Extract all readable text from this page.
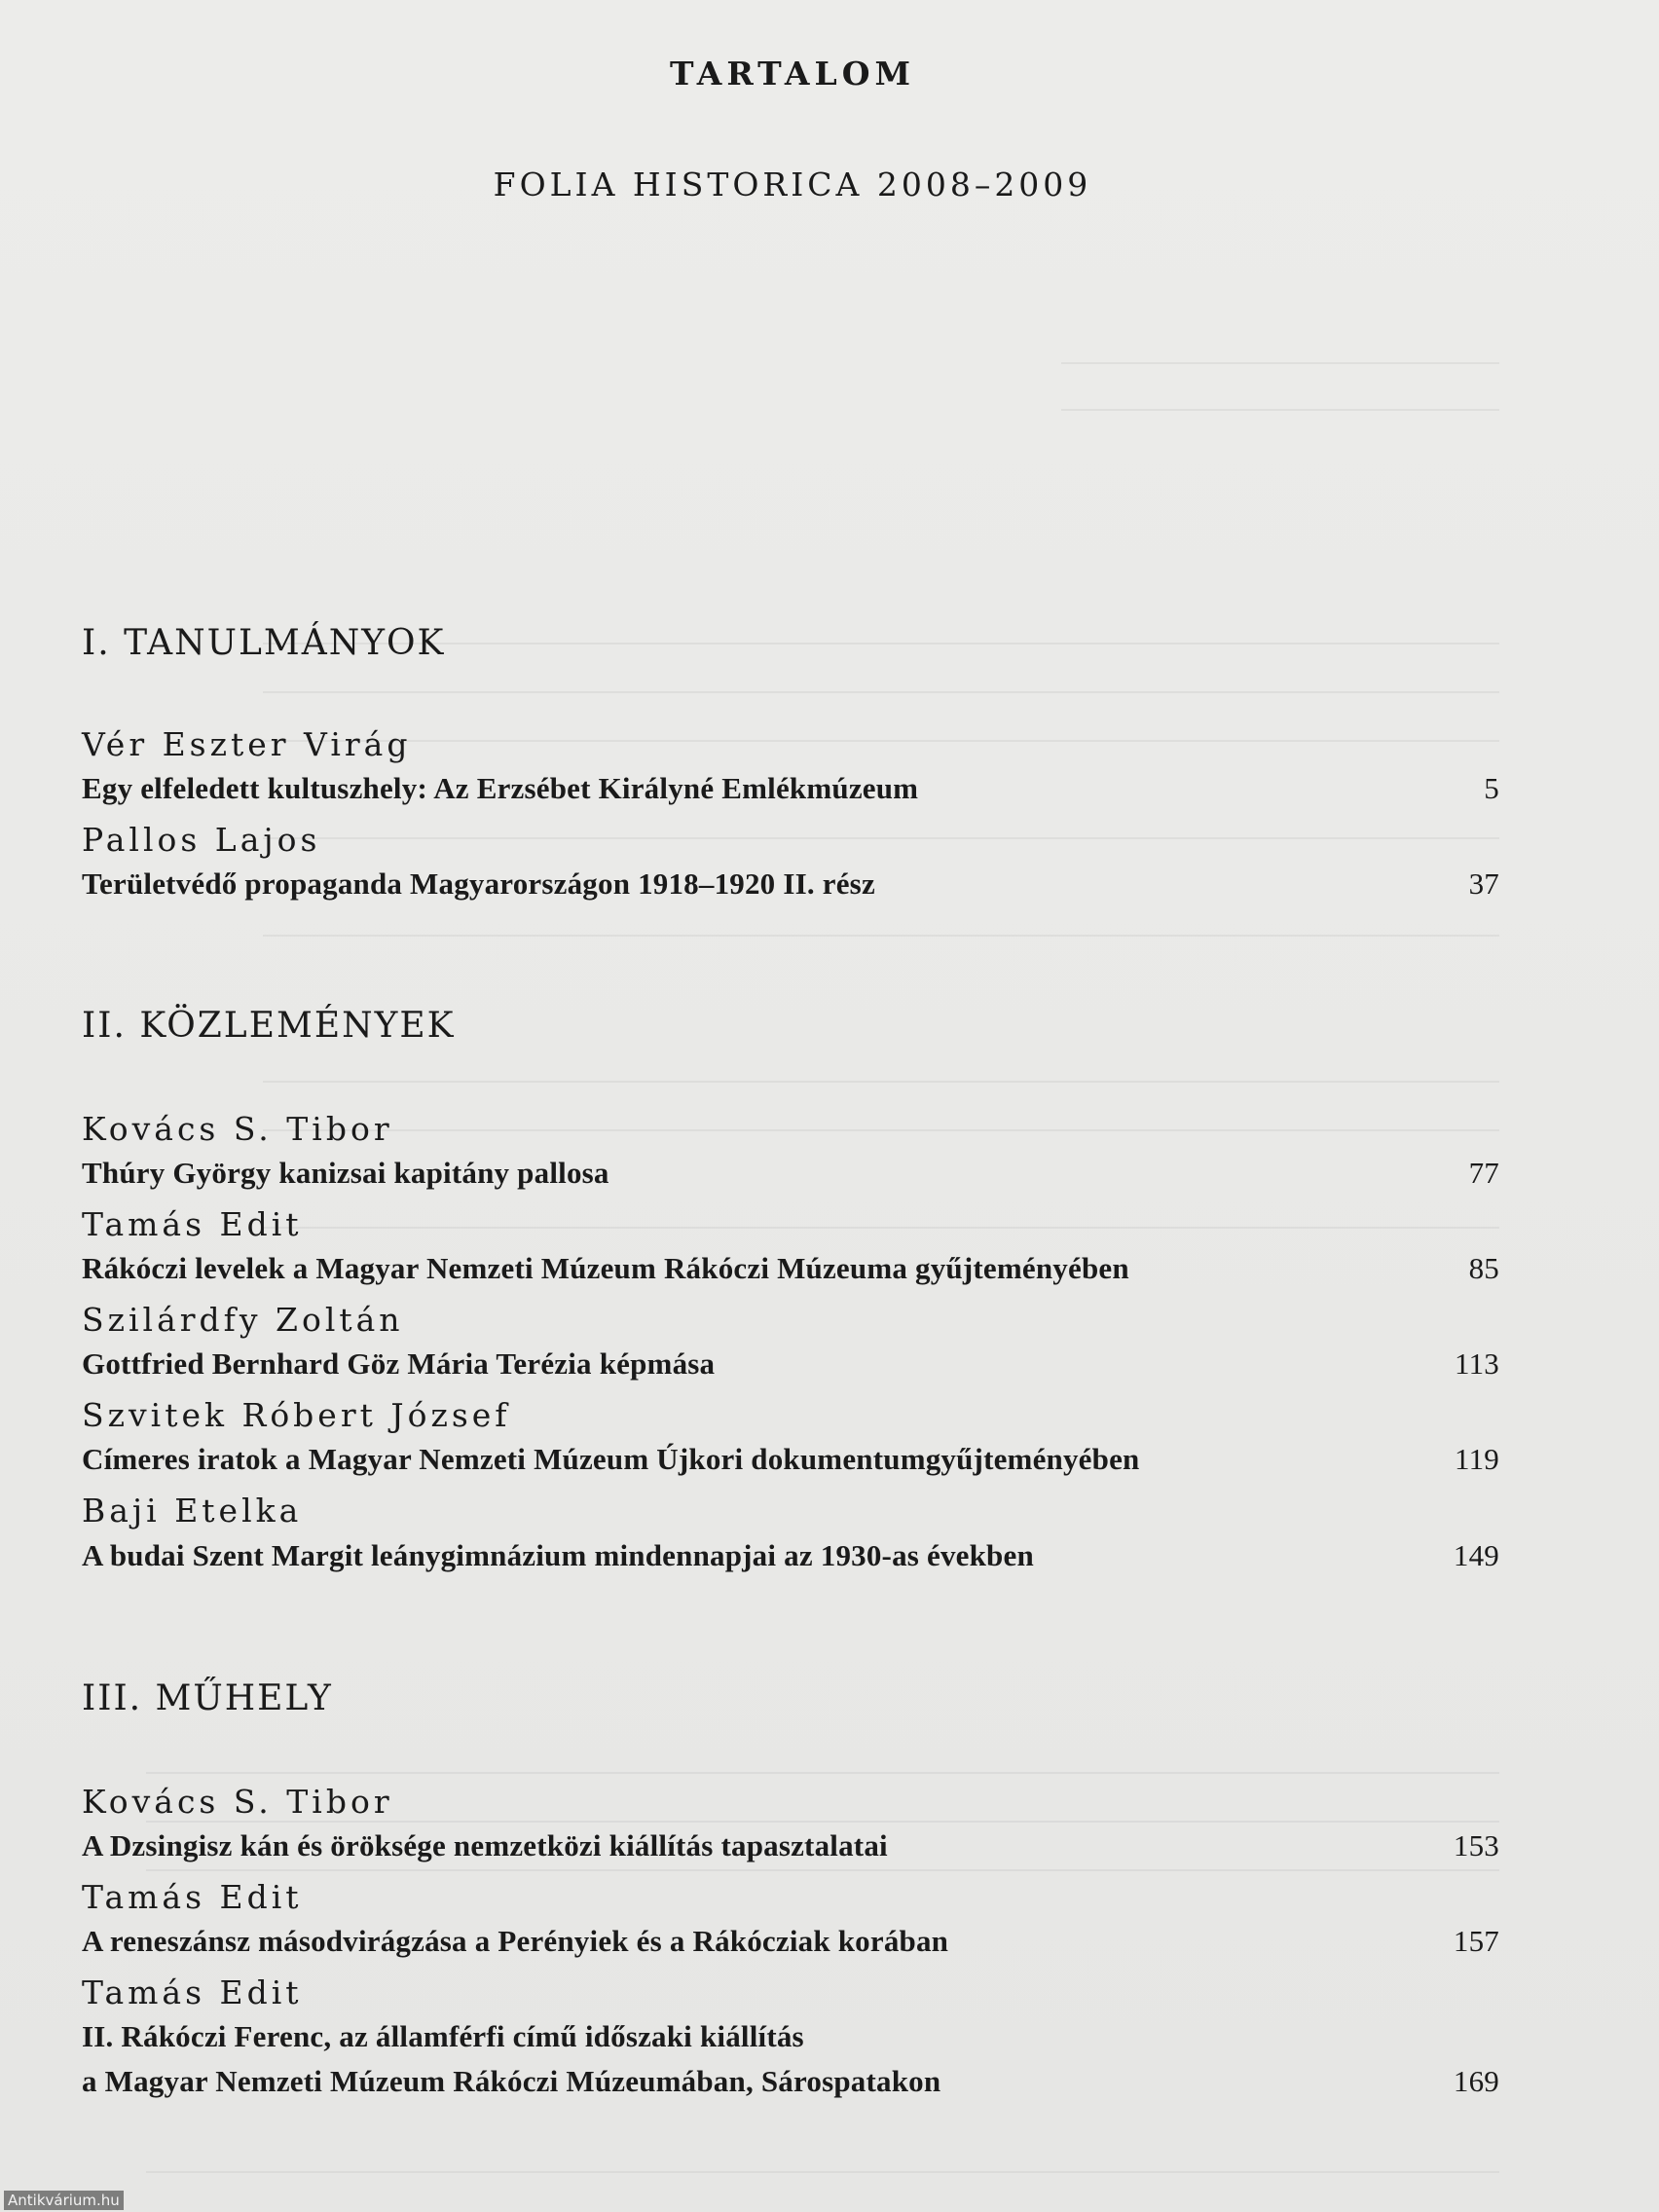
TARTALOM
FOLIA HISTORICA 2008–2009
I. TANULMÁNYOK
Vér Eszter Virág
Egy elfeledett kultuszhely: Az Erzsébet Királyné Emlékmúzeum	5
Pallos Lajos
Területvédő propaganda Magyarországon 1918–1920 II. rész	37
II. KÖZLEMÉNYEK
Kovács S. Tibor
Thúry György kanizsai kapitány pallosa	77
Tamás Edit
Rákóczi levelek a Magyar Nemzeti Múzeum Rákóczi Múzeuma gyűjteményében	85
Szilárdfy Zoltán
Gottfried Bernhard Göz Mária Terézia képmása	113
Szvitek Róbert József
Címeres iratok a Magyar Nemzeti Múzeum Újkori dokumentumgyűjteményében	119
Baji Etelka
A budai Szent Margit leánygimnázium mindennapjai az 1930-as években	149
III. MŰHELY
Kovács S. Tibor
A Dzsingisz kán és öröksége nemzetközi kiállítás tapasztalatai	153
Tamás Edit
A reneszánsz másodvirágzása a Perényiek és a Rákócziak korában	157
Tamás Edit
II. Rákóczi Ferenc, az államférfi című időszaki kiállítás
a Magyar Nemzeti Múzeum Rákóczi Múzeumában, Sárospatakon	169
Antikvárium.hu
